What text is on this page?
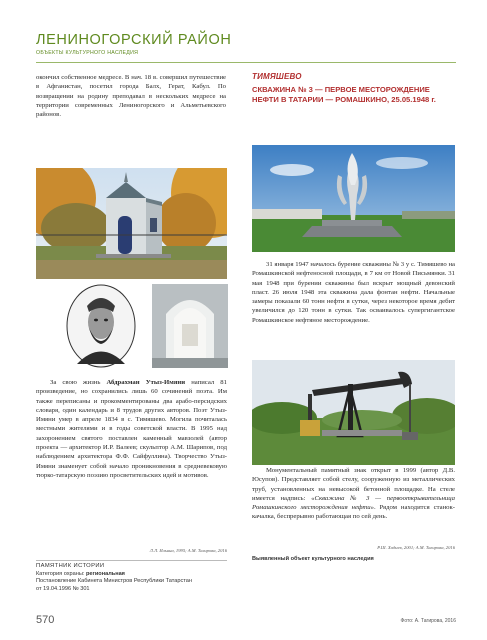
ЛЕНИНОГОРСКИЙ РАЙОН
ОБЪЕКТЫ КУЛЬТУРНОГО НАСЛЕДИЯ
окончил собственное медресе. В нач. 18 в. совершил путешествие в Афганистан, посетил города Балх, Герат, Кабул. По возвращении на родину преподавал в нескольких медресе на территории современных Лениногорского и Альметьевского районов.
ТИМЯШЕВО
СКВАЖИНА № 3 — ПЕРВОЕ МЕСТОРОЖДЕНИЕ НЕФТИ В ТАТАРИИ — РОМАШКИНО, 25.05.1948 г.
31 января 1947 началось бурение скважины № 3 у с. Тимяшево на Ромашкинской нефтеносной площади, в 7 км от Новой Письмянки. 31 мая 1948 при бурении скважины был вскрыт мощный девонский пласт. 26 июля 1948 эта скважина дала фонтан нефти. Начальные замеры показали 60 тонн нефти в сутки, через некоторое время дебит увеличился до 120 тонн в сутки. Так осваивалось супергигантское Ромашкинское нефтяное месторождение.
За свою жизнь Абдрахман Утыз-Имяни написал 81 произведение, но сохранились лишь 60 сочинений поэта. Им также переписаны и прокомментированы два арабо-персидских словаря, один календарь и 8 трудов других авторов. Поэт Утыз-Имяни умер в апреле 1834 в с. Тимяшево. Могила почиталась местными жителями и в годы советской власти. В 1995 над захоронением святого поставлен каменный мавзолей (автор проекта — архитектор И.Р. Валеев; скульптор А.М. Шарипов, под наблюдением архитектора Ф.Ф. Сайфуллина). Творчество Утыз-Имяни знаменует собой начало проникновения в средневековую тюрко-татарскую поэзию просветительских идей и мотивов.
Монументальный памятный знак открыт в 1999 (автор Д.В. Юсупов). Представляет собой стелу, сооруженную из металлических труб, установленных на невысокой бетонной площадке. На стеле имеется надпись: «Скважина № 3 — первооткрывательница Ромашкинского месторождения нефти». Рядом находится станок-качалка, беспрерывно работающая по сей день.
Л.Л. Ильина, 1995; А.М. Тагирова, 2016
Р.Ш. Хадиев, 2001; А.М. Тагирова, 2016
ПАМЯТНИК ИСТОРИИ
Категория охраны: региональная
Постановление Кабинета Министров Республики Татарстан
от 19.04.1996 № 301
Выявленный объект культурного наследия
570	Фото: А. Тагирова, 2016
